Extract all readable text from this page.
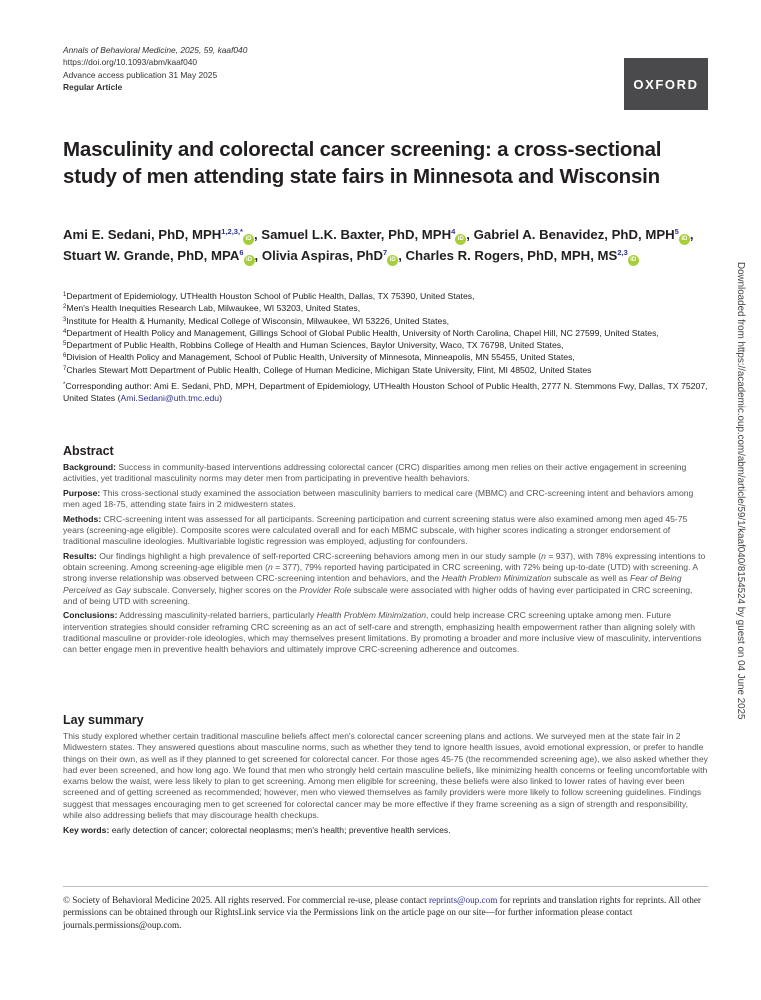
Annals of Behavioral Medicine, 2025, 59, kaaf040
https://doi.org/10.1093/abm/kaaf040
Advance access publication 31 May 2025
Regular Article	OXFORD
Masculinity and colorectal cancer screening: a cross-sectional study of men attending state fairs in Minnesota and Wisconsin
Ami E. Sedani, PhD, $MPH^{1,2,3,*}iD$ , Samuel L.K. Baxter, PhD, MPH$^4$iD , Gabriel A. Benavidez, PhD, MPH$^5$iD , Stuart W. Grande, PhD, MPA$^6$iD , Olivia Aspiras, PhD$^7$iD , Charles R. Rogers, PhD, MPH, MS$^{2,3}$iD

$^1$Department of Epidemiology, UTHealth Houston School of Public Health, Dallas, TX 75390, United States,

$^2$Men's Health Inequities Research Lab, Milwaukee, WI 53203, United States,

$^3$Institute for Health & Humanity, Medical College of Wisconsin, Milwaukee, WI 53226, United States,

$^4$Department of Health Policy and Management, Gillings School of Global Public Health, University of North Carolina, Chapel Hill, NC 27599, United States,

$^5$Department of Public Health, Robbins College of Health and Human Sciences, Baylor University, Waco, TX 76798, United States,

$^6$Division of Health Policy and Management, School of Public Health, University of Minnesota, Minneapolis, MN 55455, United States,

$^7$Charles Stewart Mott Department of Public Health, College of Human Medicine, Michigan State University, Flint, MI 48502, United States

*Corresponding author: Ami E. Sedani, PhD, MPH, Department of Epidemiology, UTHealth Houston School of Public Health, 2777 N. Stemmons Fwy, Dallas, TX 75207, United States (Ami.Sedani@uth.tmc.edu)

Abstract

Background: Success in community-based interventions addressing colorectal cancer (CRC) disparities among men relies on their active engagement in screening activities, yet traditional masculinity norms may deter men from participating in preventive health behaviors.

Purpose: This cross-sectional study examined the association between masculinity barriers to medical care (MBMC) and CRC-screening intent and behaviors among men aged 18-75, attending state fairs in 2 midwestern states.

Methods: CRC-screening intent was assessed for all participants. Screening participation and current screening status were also examined among men aged 45-75 years (screening-age eligible). Composite scores were calculated overall and for each MBMC subscale, with higher scores indicating a stronger endorsement of traditional masculine ideologies. Multivariable logistic regression was employed, adjusting for confounders.

Results: Our findings highlight a high prevalence of self-reported CRC-screening behaviors among men in our study sample (n = 937), with 78% expressing intentions to obtain screening. Among screening-age eligible men (n = 377), 79% reported having participated in CRC screening, with 72% being up-to-date (UTD) with screening. A strong inverse relationship was observed between CRC-screening intention and behaviors, and the Health Problem Minimization subscale as well as Fear of Being Perceived as Gay subscale. Conversely, higher scores on the Provider Role subscale were associated with higher odds of having ever participated in CRC screening, and of being UTD with screening.

Conclusions: Addressing masculinity-related barriers, particularly Health Problem Minimization, could help increase CRC screening uptake among men. Future intervention strategies should consider reframing CRC screening as an act of self-care and strength, emphasizing health empowerment rather than aligning solely with traditional masculine or provider-role ideologies, which may themselves present limitations. By promoting a broader and more inclusive view of masculinity, interventions can better engage men in preventive health behaviors and ultimately improve CRC-screening adherence and outcomes.

Lay summary

This study explored whether certain traditional masculine beliefs affect men's colorectal cancer screening plans and actions. We surveyed men at the state fair in 2 Midwestern states. They answered questions about masculine norms, such as whether they tend to ignore health issues, avoid emotional expression, or prefer to handle things on their own, as well as if they planned to get screened for colorectal cancer. For those ages 45-75 (the recommended screening age), we also asked whether they had ever been screened, and how long ago. We found that men who strongly held certain masculine beliefs, like minimizing health concerns or feeling uncomfortable with exams below the waist, were less likely to plan to get screening. Among men eligible for screening, these beliefs were also linked to lower rates of having ever been screened and of getting screened as recommended; however, men who viewed themselves as family providers were more likely to follow screening guidelines. Findings suggest that messages encouraging men to get screened for colorectal cancer may be more effective if they frame screening as a sign of strength and responsibility, while also addressing beliefs that may discourage health checkups.

Key words: early detection of cancer; colorectal neoplasms; men's health; preventive health services.

© Society of Behavioral Medicine 2025. All rights reserved. For commercial re-use, please contact reprints@oup.com for reprints and translation rights for reprints. All other permissions can be obtained through our RightsLink service via the Permissions link on the article page on our site—for further information please contact journals.permissions@oup.com.
Downloaded from https://academic.oup.com/abm/article/59/1/kaaf040/8154524 by guest on 04 June 2025
